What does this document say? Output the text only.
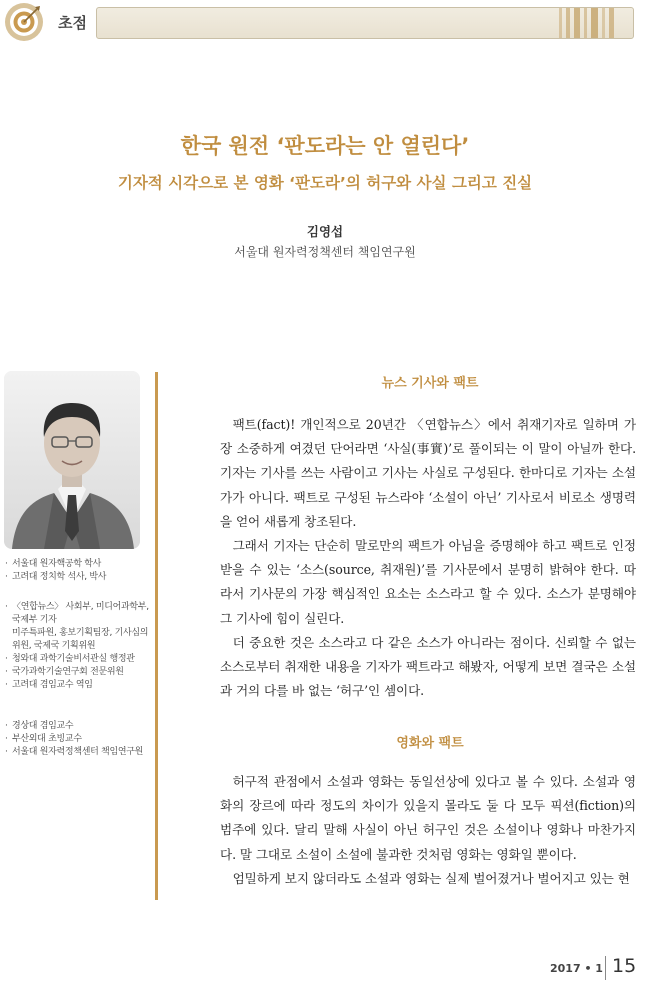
초점
한국 원전 ‘판도라는 안 열린다’
기자적 시각으로 본 영화 ‘판도라’의 허구와 사실 그리고 진실
김영섭
서울대 원자력정책센터 책임연구원
· 서울대 원자핵공학 학사
· 고려대 정치학 석사, 박사
· 〈연합뉴스〉 사회부, 미디어과학부, 국제부 기자
미주특파원, 홍보기획팀장, 기사심의
위원, 국제국 기획위원
· 청와대 과학기술비서관실 행정관
· 국가과학기술연구회 전문위원
· 고려대 겸임교수 역임
· 경상대 겸임교수
· 부산외대 초빙교수
· 서울대 원자력정책센터 책임연구원
뉴스 기사와 팩트

팩트(fact)! 개인적으로 20년간 〈연합뉴스〉에서 취재기자로 일하며 가장 소중하게 여겼던 단어라면 ‘사실(事實)’로 풀이되는 이 말이 아닐까 한다. 기자는 기사를 쓰는 사람이고 기사는 사실로 구성된다. 한마디로 기자는 소설가가 아니다. 팩트로 구성된 뉴스라야 ‘소설이 아닌’ 기사로서 비로소 생명력을 얻어 새롭게 창조된다.

그래서 기자는 단순히 말로만의 팩트가 아님을 증명해야 하고 팩트로 인정받을 수 있는 ‘소스(source, 취재원)’를 기사문에서 분명히 밝혀야 한다. 따라서 기사문의 가장 핵심적인 요소는 소스라고 할 수 있다. 소스가 분명해야 그 기사에 힘이 실린다.

더 중요한 것은 소스라고 다 같은 소스가 아니라는 점이다. 신뢰할 수 없는 소스로부터 취재한 내용을 기자가 팩트라고 해봤자, 어떻게 보면 결국은 소설과 거의 다를 바 없는 ‘허구’인 셈이다.

영화와 팩트

허구적 관점에서 소설과 영화는 동일선상에 있다고 볼 수 있다. 소설과 영화의 장르에 따라 정도의 차이가 있을지 몰라도 둘 다 모두 픽션(fiction)의 범주에 있다. 달리 말해 사실이 아닌 허구인 것은 소설이나 영화나 마찬가지다. 말 그대로 소설이 소설에 불과한 것처럼 영화는 영화일 뿐이다.

엄밀하게 보지 않더라도 소설과 영화는 실제 벌어졌거나 벌어지고 있는 현

2017 • 1 15
